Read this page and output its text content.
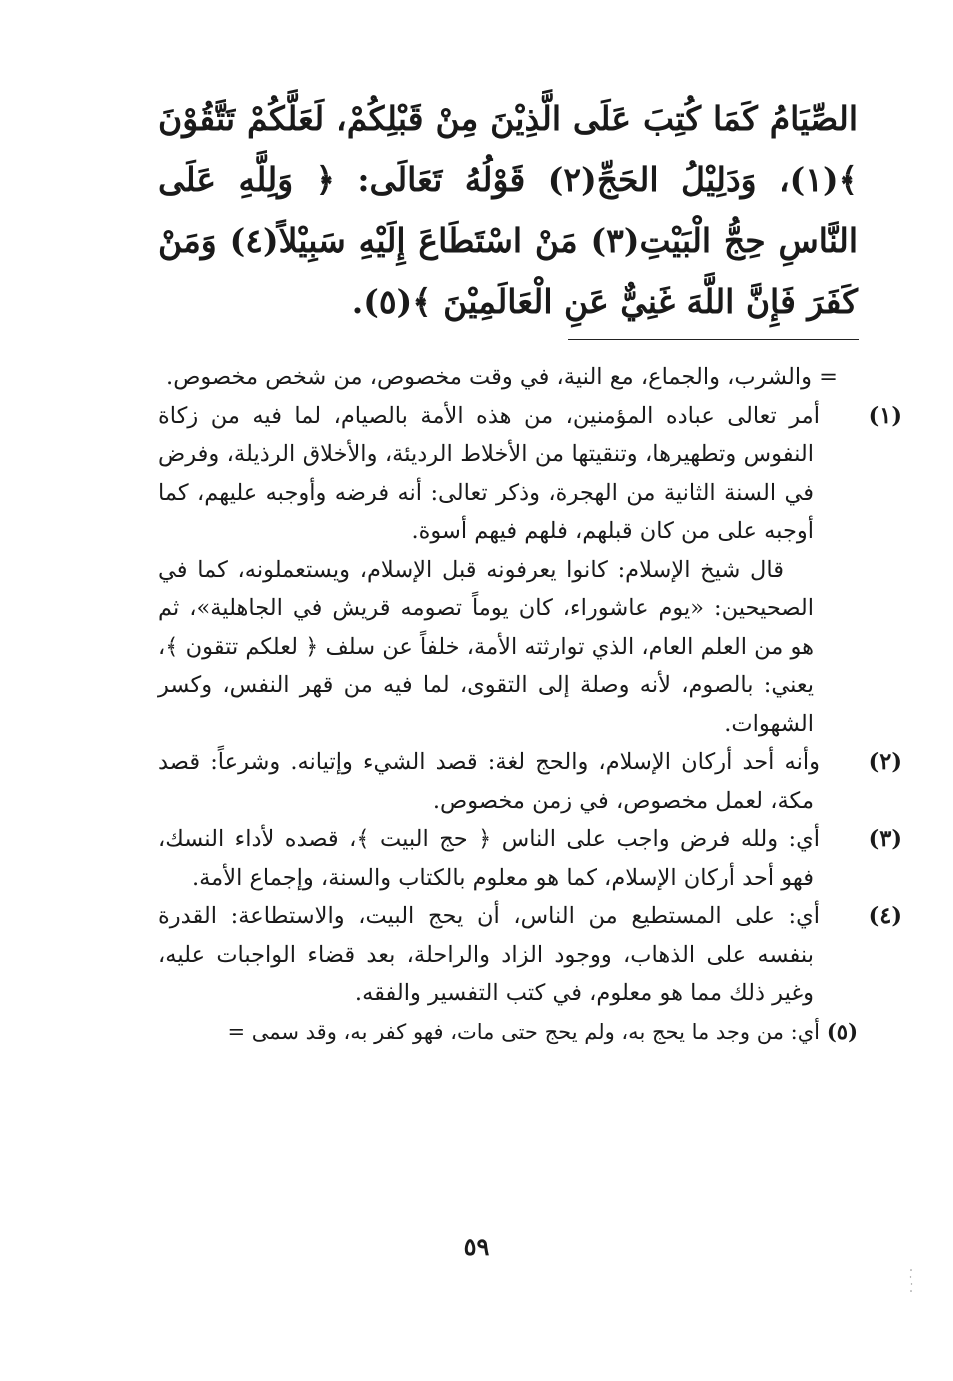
الصِّيَامُ كَمَا كُتِبَ عَلَى الَّذِيْنَ مِنْ قَبْلِكُمْ، لَعَلَّكُمْ تَتَّقُوْنَ ﴾(١)، وَدَلِيْلُ الحَجِّ(٢) قَوْلُهُ تَعَالَى: ﴿ وَلِلَّهِ عَلَى النَّاسِ حِجُّ الْبَيْتِ(٣) مَنْ اسْتَطَاعَ إِلَيْهِ سَبِيْلاً(٤) وَمَنْ كَفَرَ فَإِنَّ اللَّهَ غَنِيٌّ عَنِ الْعَالَمِيْنَ ﴾(٥).

= والشرب، والجماع، مع النية، في وقت مخصوص، من شخص مخصوص.

(١)أمر تعالى عباده المؤمنين، من هذه الأمة بالصيام، لما فيه من زكاة النفوس وتطهيرها، وتنقيتها من الأخلاط الرديئة، والأخلاق الرذيلة، وفرض في السنة الثانية من الهجرة، وذكر تعالى: أنه فرضه وأوجبه عليهم، كما أوجبه على من كان قبلهم، فلهم فيهم أسوة.

قال شيخ الإسلام: كانوا يعرفونه قبل الإسلام، ويستعملونه، كما في الصحيحين: «يوم عاشوراء، كان يوماً تصومه قريش في الجاهلية»، ثم هو من العلم العام، الذي توارثته الأمة، خلفاً عن سلف ﴿ لعلكم تتقون ﴾، يعني: بالصوم، لأنه وصلة إلى التقوى، لما فيه من قهر النفس، وكسر الشهوات.

(٢)وأنه أحد أركان الإسلام، والحج لغة: قصد الشيء وإتيانه. وشرعاً: قصد مكة، لعمل مخصوص، في زمن مخصوص.

(٣)أي: ولله فرض واجب على الناس ﴿ حج البيت ﴾، قصده لأداء النسك، فهو أحد أركان الإسلام، كما هو معلوم بالكتاب والسنة، وإجماع الأمة.

(٤)أي: على المستطيع من الناس، أن يحج البيت، والاستطاعة: القدرة بنفسه على الذهاب، ووجود الزاد والراحلة، بعد قضاء الواجبات عليه، وغير ذلك مما هو معلوم، في كتب التفسير والفقه.

(٥)أي: من وجد ما يحج به، ولم يحج حتى مات، فهو كفر به، وقد سمى =

٥٩
